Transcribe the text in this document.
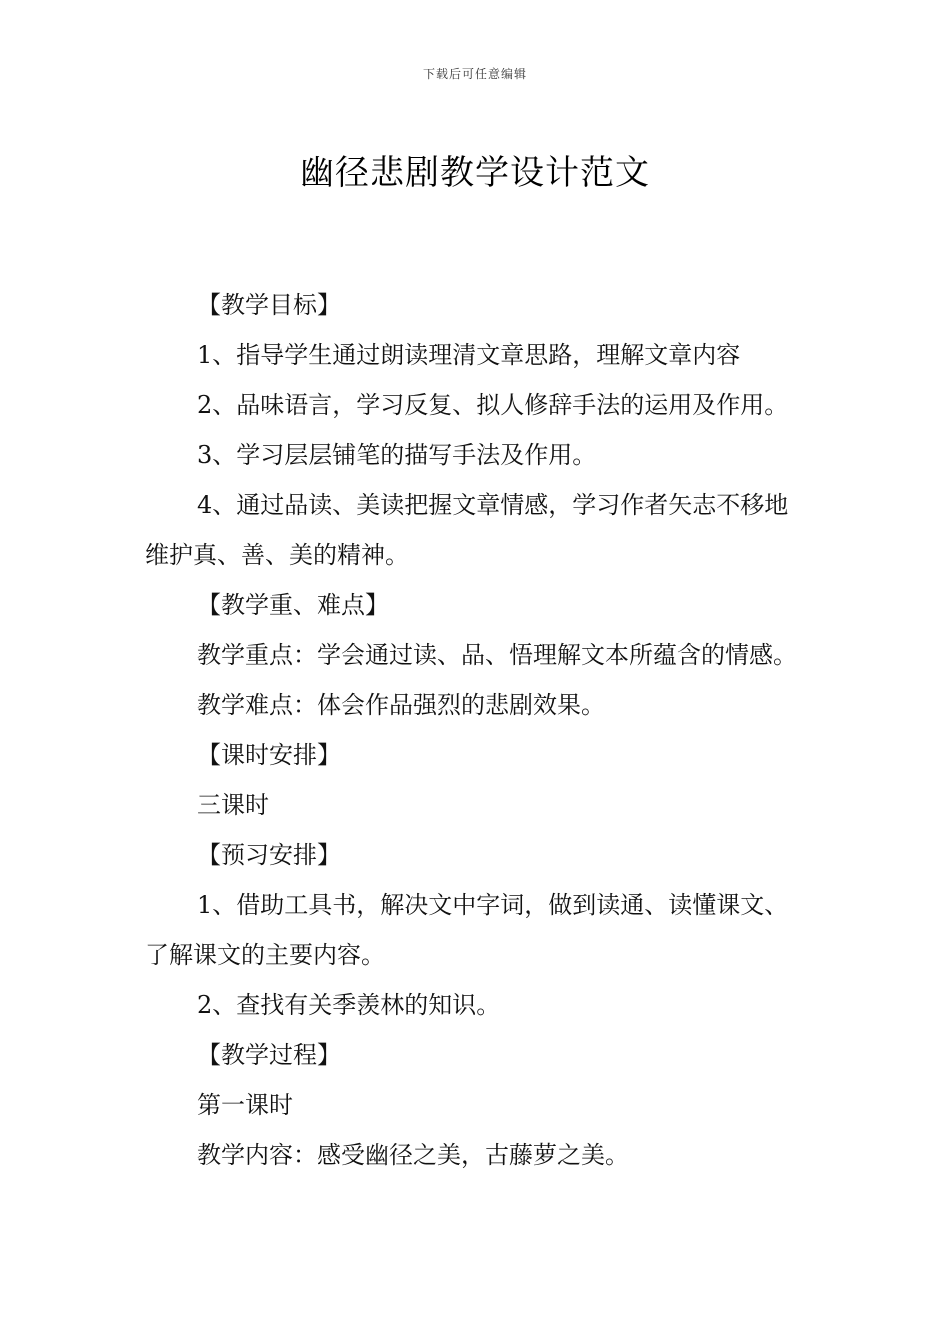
下载后可任意编辑
幽径悲剧教学设计范文

【教学目标】

1、指导学生通过朗读理清文章思路，理解文章内容

2、品味语言，学习反复、拟人修辞手法的运用及作用。

3、学习层层铺笔的描写手法及作用。

4、通过品读、美读把握文章情感，学习作者矢志不移地维护真、善、美的精神。

【教学重、难点】

教学重点：学会通过读、品、悟理解文本所蕴含的情感。

教学难点：体会作品强烈的悲剧效果。

【课时安排】

三课时

【预习安排】

1、借助工具书，解决文中字词，做到读通、读懂课文、了解课文的主要内容。

2、查找有关季羡林的知识。

【教学过程】

第一课时

教学内容：感受幽径之美，古藤萝之美。
